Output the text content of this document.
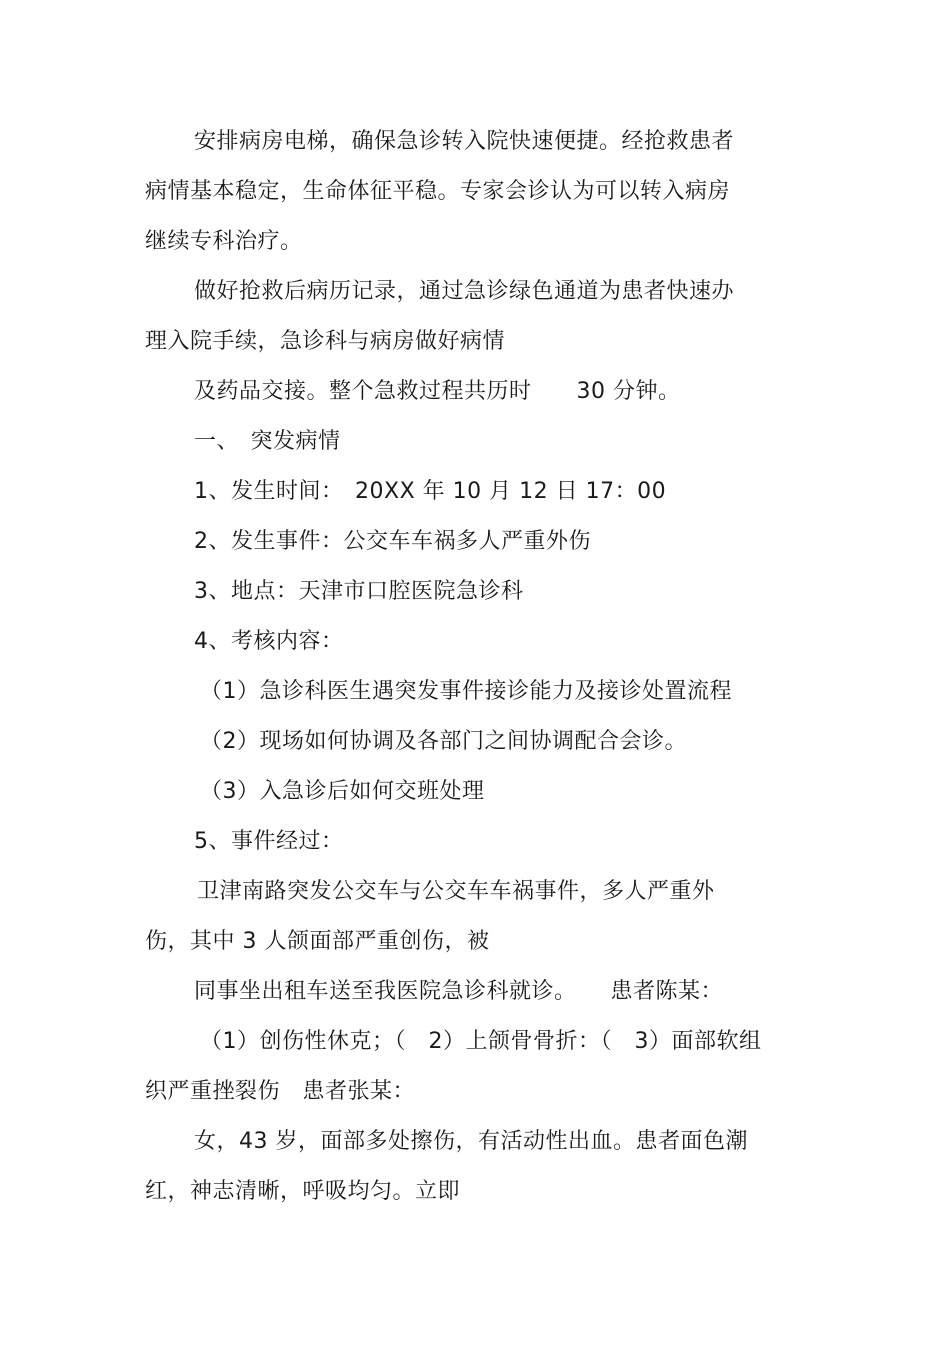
安排病房电梯，确保急诊转入院快速便捷。经抢救患者
病情基本稳定，生命体征平稳。专家会诊认为可以转入病房
继续专科治疗。
做好抢救后病历记录，通过急诊绿色通道为患者快速办
理入院手续，急诊科与病房做好病情
及药品交接。整个急救过程共历时　　30 分钟。
一、　突发病情
1、发生时间：　20XX 年 10 月 12 日 17：00
2、发生事件：公交车车祸多人严重外伤
3、地点：天津市口腔医院急诊科
4、考核内容：
（1）急诊科医生遇突发事件接诊能力及接诊处置流程
（2）现场如何协调及各部门之间协调配合会诊。
（3）入急诊后如何交班处理
5、事件经过：
卫津南路突发公交车与公交车车祸事件，多人严重外
伤，其中 3 人颌面部严重创伤，被
同事坐出租车送至我医院急诊科就诊。　　患者陈某：
（1）创伤性休克；（　2）上颌骨骨折：（　3）面部软组
织严重挫裂伤　患者张某：
女，43 岁，面部多处擦伤，有活动性出血。患者面色潮
红，神志清晰，呼吸均匀。立即
